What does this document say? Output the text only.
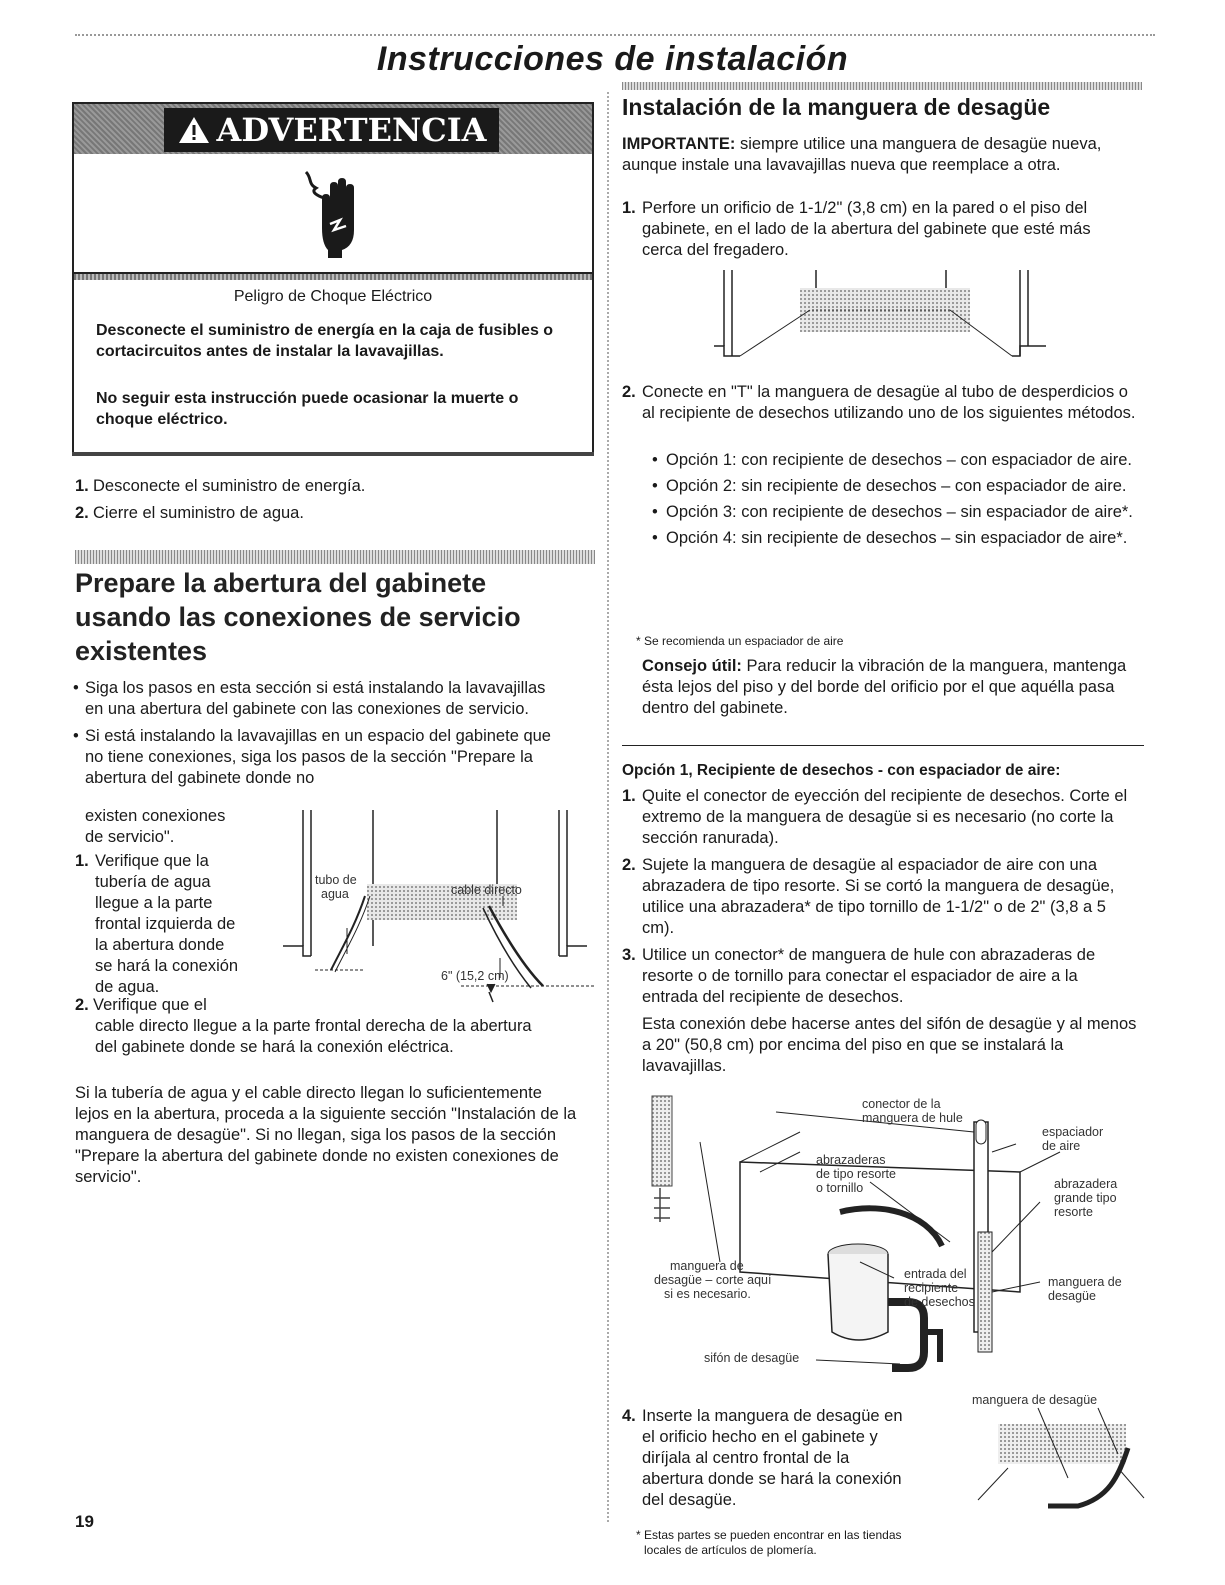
Instrucciones de instalación
ADVERTENCIA
Peligro de Choque Eléctrico
Desconecte el suministro de energía en la caja de fusibles o cortacircuitos antes de instalar la lavavajillas.
No seguir esta instrucción puede ocasionar la muerte o choque eléctrico.
1. Desconecte el suministro de energía.
2. Cierre el suministro de agua.
Prepare la abertura del gabinete
usando las conexiones de servicio
existentes
• Siga los pasos en esta sección si está instalando la lavavajillas en una abertura del gabinete con las conexiones de servicio.
• Si está instalando la lavavajillas en un espacio del gabinete que no tiene conexiones, siga los pasos de la sección "Prepare la abertura del gabinete donde no
existen conexiones
de servicio".
1. Verifique que la
tubería de agua
llegue a la parte
frontal izquierda de
la abertura donde
se hará la conexión
de agua.
2. Verifique que el
cable directo llegue a la parte frontal derecha de la abertura del gabinete donde se hará la conexión eléctrica.
Si la tubería de agua y el cable directo llegan lo suficientemente lejos en la abertura, proceda a la siguiente sección "Instalación de la manguera de desagüe". Si no llegan, siga los pasos de la sección "Prepare la abertura del gabinete donde no existen conexiones de servicio".
tubo de
agua	cable directo
6" (15,2 cm)
Instalación de la manguera de desagüe
IMPORTANTE: siempre utilice una manguera de desagüe nueva, aunque instale una lavavajillas nueva que reemplace a otra.
1. Perfore un orificio de 1-1/2" (3,8 cm) en la pared o el piso del gabinete, en el lado de la abertura del gabinete que esté más cerca del fregadero.
2. Conecte en "T" la manguera de desagüe al tubo de desperdicios o al recipiente de desechos utilizando uno de los siguientes métodos.
• Opción 1: con recipiente de desechos – con espaciador de aire.
• Opción 2: sin recipiente de desechos – con espaciador de aire.
• Opción 3: con recipiente de desechos – sin espaciador de aire*.
• Opción 4: sin recipiente de desechos – sin espaciador de aire*.
* Se recomienda un espaciador de aire
Consejo útil: Para reducir la vibración de la manguera, mantenga ésta lejos del piso y del borde del orificio por el que aquélla pasa dentro del gabinete.
Opción 1, Recipiente de desechos - con espaciador de aire:
1. Quite el conector de eyección del recipiente de desechos. Corte el extremo de la manguera de desagüe si es necesario (no corte la sección ranurada).
2. Sujete la manguera de desagüe al espaciador de aire con una abrazadera de tipo resorte. Si se cortó la manguera de desagüe, utilice una abrazadera* de tipo tornillo de 1-1/2" o de 2" (3,8 a 5 cm).
3. Utilice un conector* de manguera de hule con abrazaderas de resorte o de tornillo para conectar el espaciador de aire a la entrada del recipiente de desechos.
Esta conexión debe hacerse antes del sifón de desagüe y al menos a 20" (50,8 cm) por encima del piso en que se instalará la lavavajillas.
conector de la
manguera de hule
espaciador
de aire
abrazaderas
de tipo resorte
o tornillo	abrazadera
grande tipo
resorte
manguera de
desagüe – corte aquí
si es necesario.
entrada del
recipiente
de desechos
manguera de
desagüe
sifón de desagüe
4. Inserte la manguera de desagüe en
el orificio hecho en el gabinete y
diríjala al centro frontal de la
abertura donde se hará la conexión
del desagüe.
manguera de desagüe
19
* Estas partes se pueden encontrar en las tiendas
locales de artículos de plomería.
